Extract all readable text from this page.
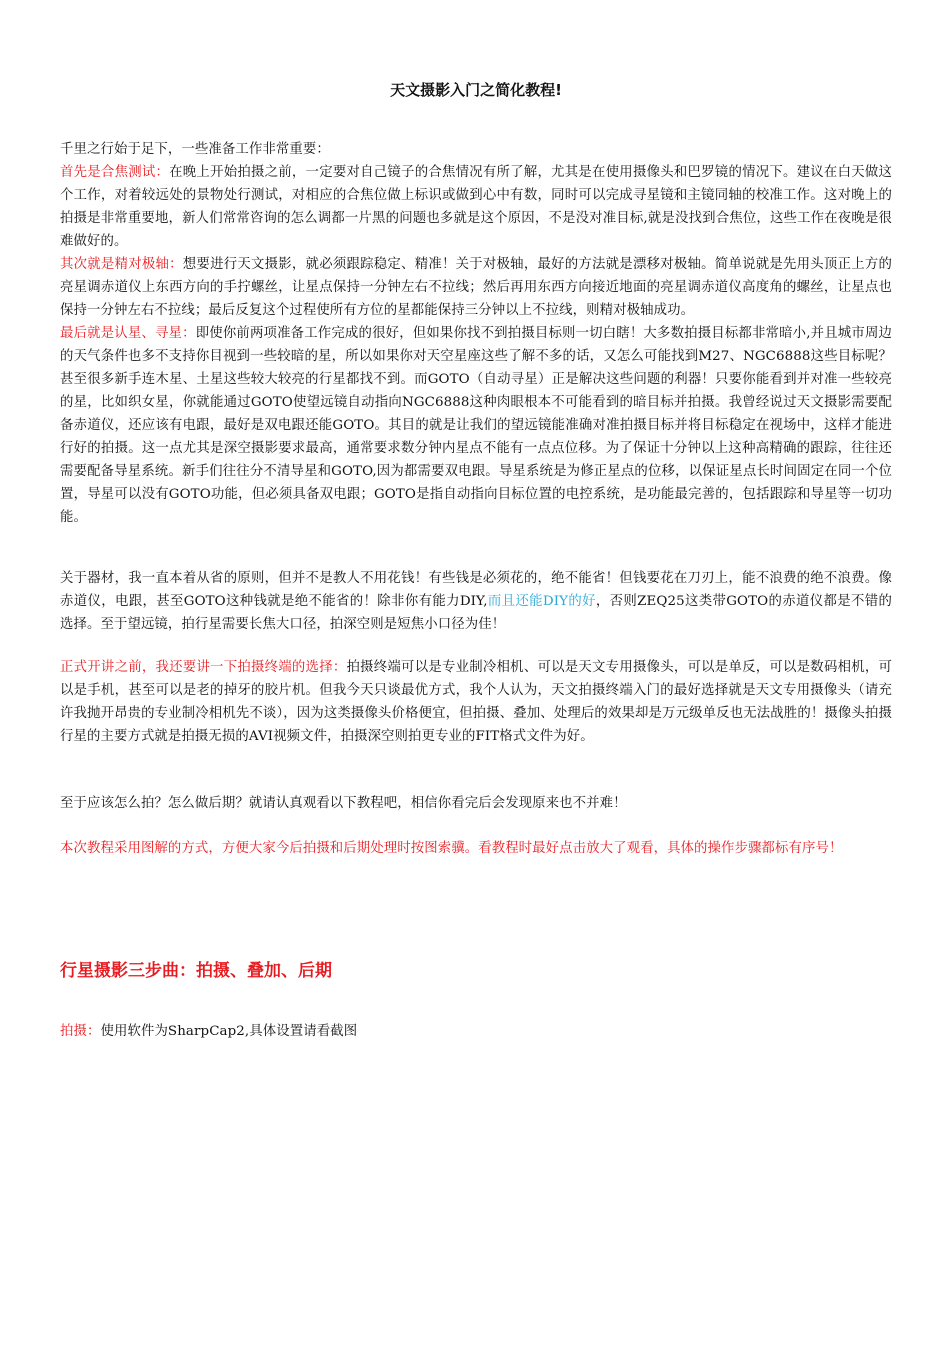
天文摄影入门之简化教程!

千里之行始于足下，一些准备工作非常重要：

首先是合焦测试：在晚上开始拍摄之前，一定要对自己镜子的合焦情况有所了解，尤其是在使用摄像头和巴罗镜的情况下。建议在白天做这个工作，对着较远处的景物处行测试，对相应的合焦位做上标识或做到心中有数，同时可以完成寻星镜和主镜同轴的校准工作。这对晚上的拍摄是非常重要地，新人们常常咨询的怎么调都一片黑的问题也多就是这个原因，不是没对准目标,就是没找到合焦位，这些工作在夜晚是很难做好的。

其次就是精对极轴：想要进行天文摄影，就必须跟踪稳定、精准！关于对极轴，最好的方法就是漂移对极轴。简单说就是先用头顶正上方的亮星调赤道仪上东西方向的手拧螺丝，让星点保持一分钟左右不拉线；然后再用东西方向接近地面的亮星调赤道仪高度角的螺丝，让星点也保持一分钟左右不拉线；最后反复这个过程使所有方位的星都能保持三分钟以上不拉线，则精对极轴成功。

最后就是认星、寻星：即使你前两项准备工作完成的很好，但如果你找不到拍摄目标则一切白瞎！大多数拍摄目标都非常暗小,并且城市周边的天气条件也多不支持你目视到一些较暗的星，所以如果你对天空星座这些了解不多的话，又怎么可能找到M27、NGC6888这些目标呢？甚至很多新手连木星、土星这些较大较亮的行星都找不到。而GOTO（自动寻星）正是解决这些问题的利器！只要你能看到并对准一些较亮的星，比如织女星，你就能通过GOTO使望远镜自动指向NGC6888这种肉眼根本不可能看到的暗目标并拍摄。我曾经说过天文摄影需要配备赤道仪，还应该有电跟，最好是双电跟还能GOTO。其目的就是让我们的望远镜能准确对准拍摄目标并将目标稳定在视场中，这样才能进行好的拍摄。这一点尤其是深空摄影要求最高，通常要求数分钟内星点不能有一点点位移。为了保证十分钟以上这种高精确的跟踪，往往还需要配备导星系统。新手们往往分不清导星和GOTO,因为都需要双电跟。导星系统是为修正星点的位移，以保证星点长时间固定在同一个位置，导星可以没有GOTO功能，但必须具备双电跟；GOTO是指自动指向目标位置的电控系统，是功能最完善的，包括跟踪和导星等一切功能。

关于器材，我一直本着从省的原则，但并不是教人不用花钱！有些钱是必须花的，绝不能省！但钱要花在刀刃上，能不浪费的绝不浪费。像赤道仪，电跟，甚至GOTO这种钱就是绝不能省的！除非你有能力DIY,而且还能DIY的好，否则ZEQ25这类带GOTO的赤道仪都是不错的选择。至于望远镜，拍行星需要长焦大口径，拍深空则是短焦小口径为佳！

正式开讲之前，我还要讲一下拍摄终端的选择：拍摄终端可以是专业制冷相机、可以是天文专用摄像头，可以是单反，可以是数码相机，可以是手机，甚至可以是老的掉牙的胶片机。但我今天只谈最优方式，我个人认为，天文拍摄终端入门的最好选择就是天文专用摄像头（请充许我抛开昂贵的专业制冷相机先不谈），因为这类摄像头价格便宜，但拍摄、叠加、处理后的效果却是万元级单反也无法战胜的！摄像头拍摄行星的主要方式就是拍摄无损的AVI视频文件，拍摄深空则拍更专业的FIT格式文件为好。

至于应该怎么拍？怎么做后期？就请认真观看以下教程吧，相信你看完后会发现原来也不并难！

本次教程采用图解的方式，方便大家今后拍摄和后期处理时按图索骥。看教程时最好点击放大了观看，具体的操作步骤都标有序号！

行星摄影三步曲：拍摄、叠加、后期

拍摄：使用软件为SharpCap2,具体设置请看截图
